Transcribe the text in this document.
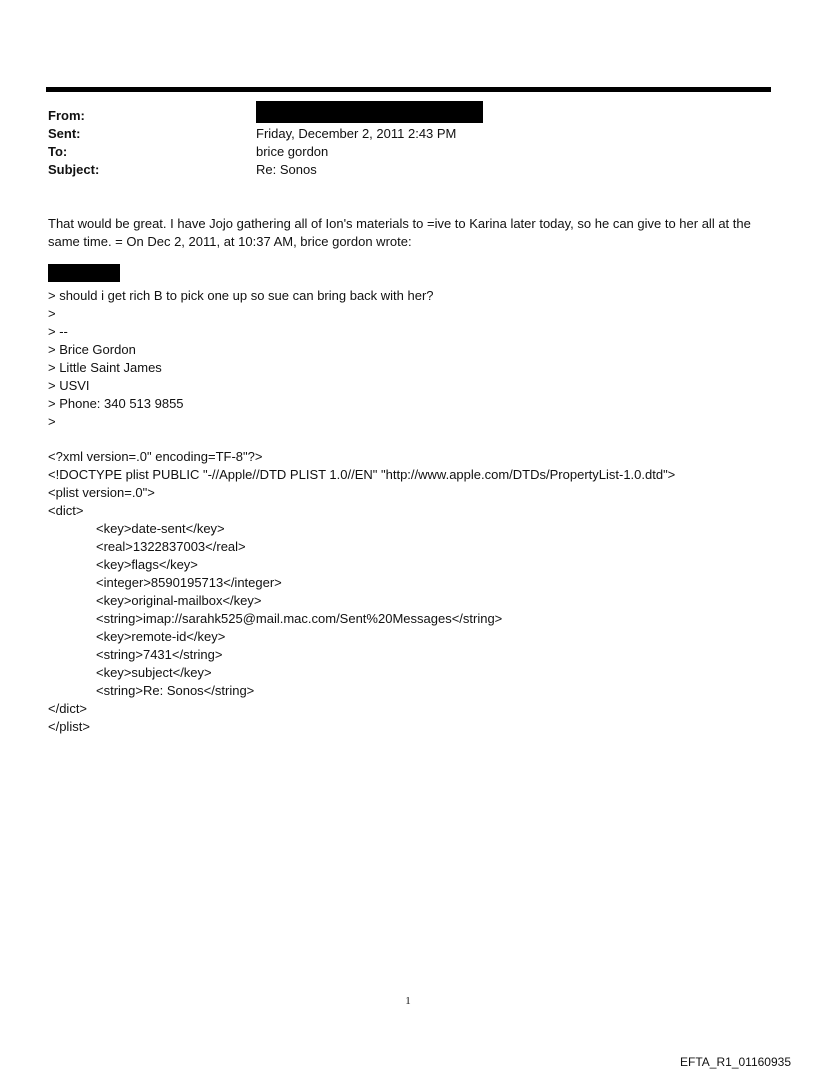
From:
Sent:	Friday, December 2, 2011 2:43 PM
To:	brice gordon
Subject:	Re: Sonos
That would be great. I have Jojo gathering all of Ion's materials to =ive to Karina later today, so he can give to her all at the same time. = On Dec 2, 2011, at 10:37 AM, brice gordon wrote:
> should i get rich B to pick one up so sue can bring back with her?
>
> --
> Brice Gordon
> Little Saint James
> USVI
> Phone: 340 513 9855
>
<?xml version=.0" encoding=TF-8"?>
<!DOCTYPE plist PUBLIC "-//Apple//DTD PLIST 1.0//EN" "http://www.apple.com/DTDs/PropertyList-1.0.dtd">
<plist version=.0">
<dict>
<key>date-sent</key>
<real>1322837003</real>
<key>flags</key>
<integer>8590195713</integer>
<key>original-mailbox</key>
<string>imap://sarahk525@mail.mac.com/Sent%20Messages</string>
<key>remote-id</key>
<string>7431</string>
<key>subject</key>
<string>Re: Sonos</string>
</dict>
</plist>
1
EFTA_R1_01160935
